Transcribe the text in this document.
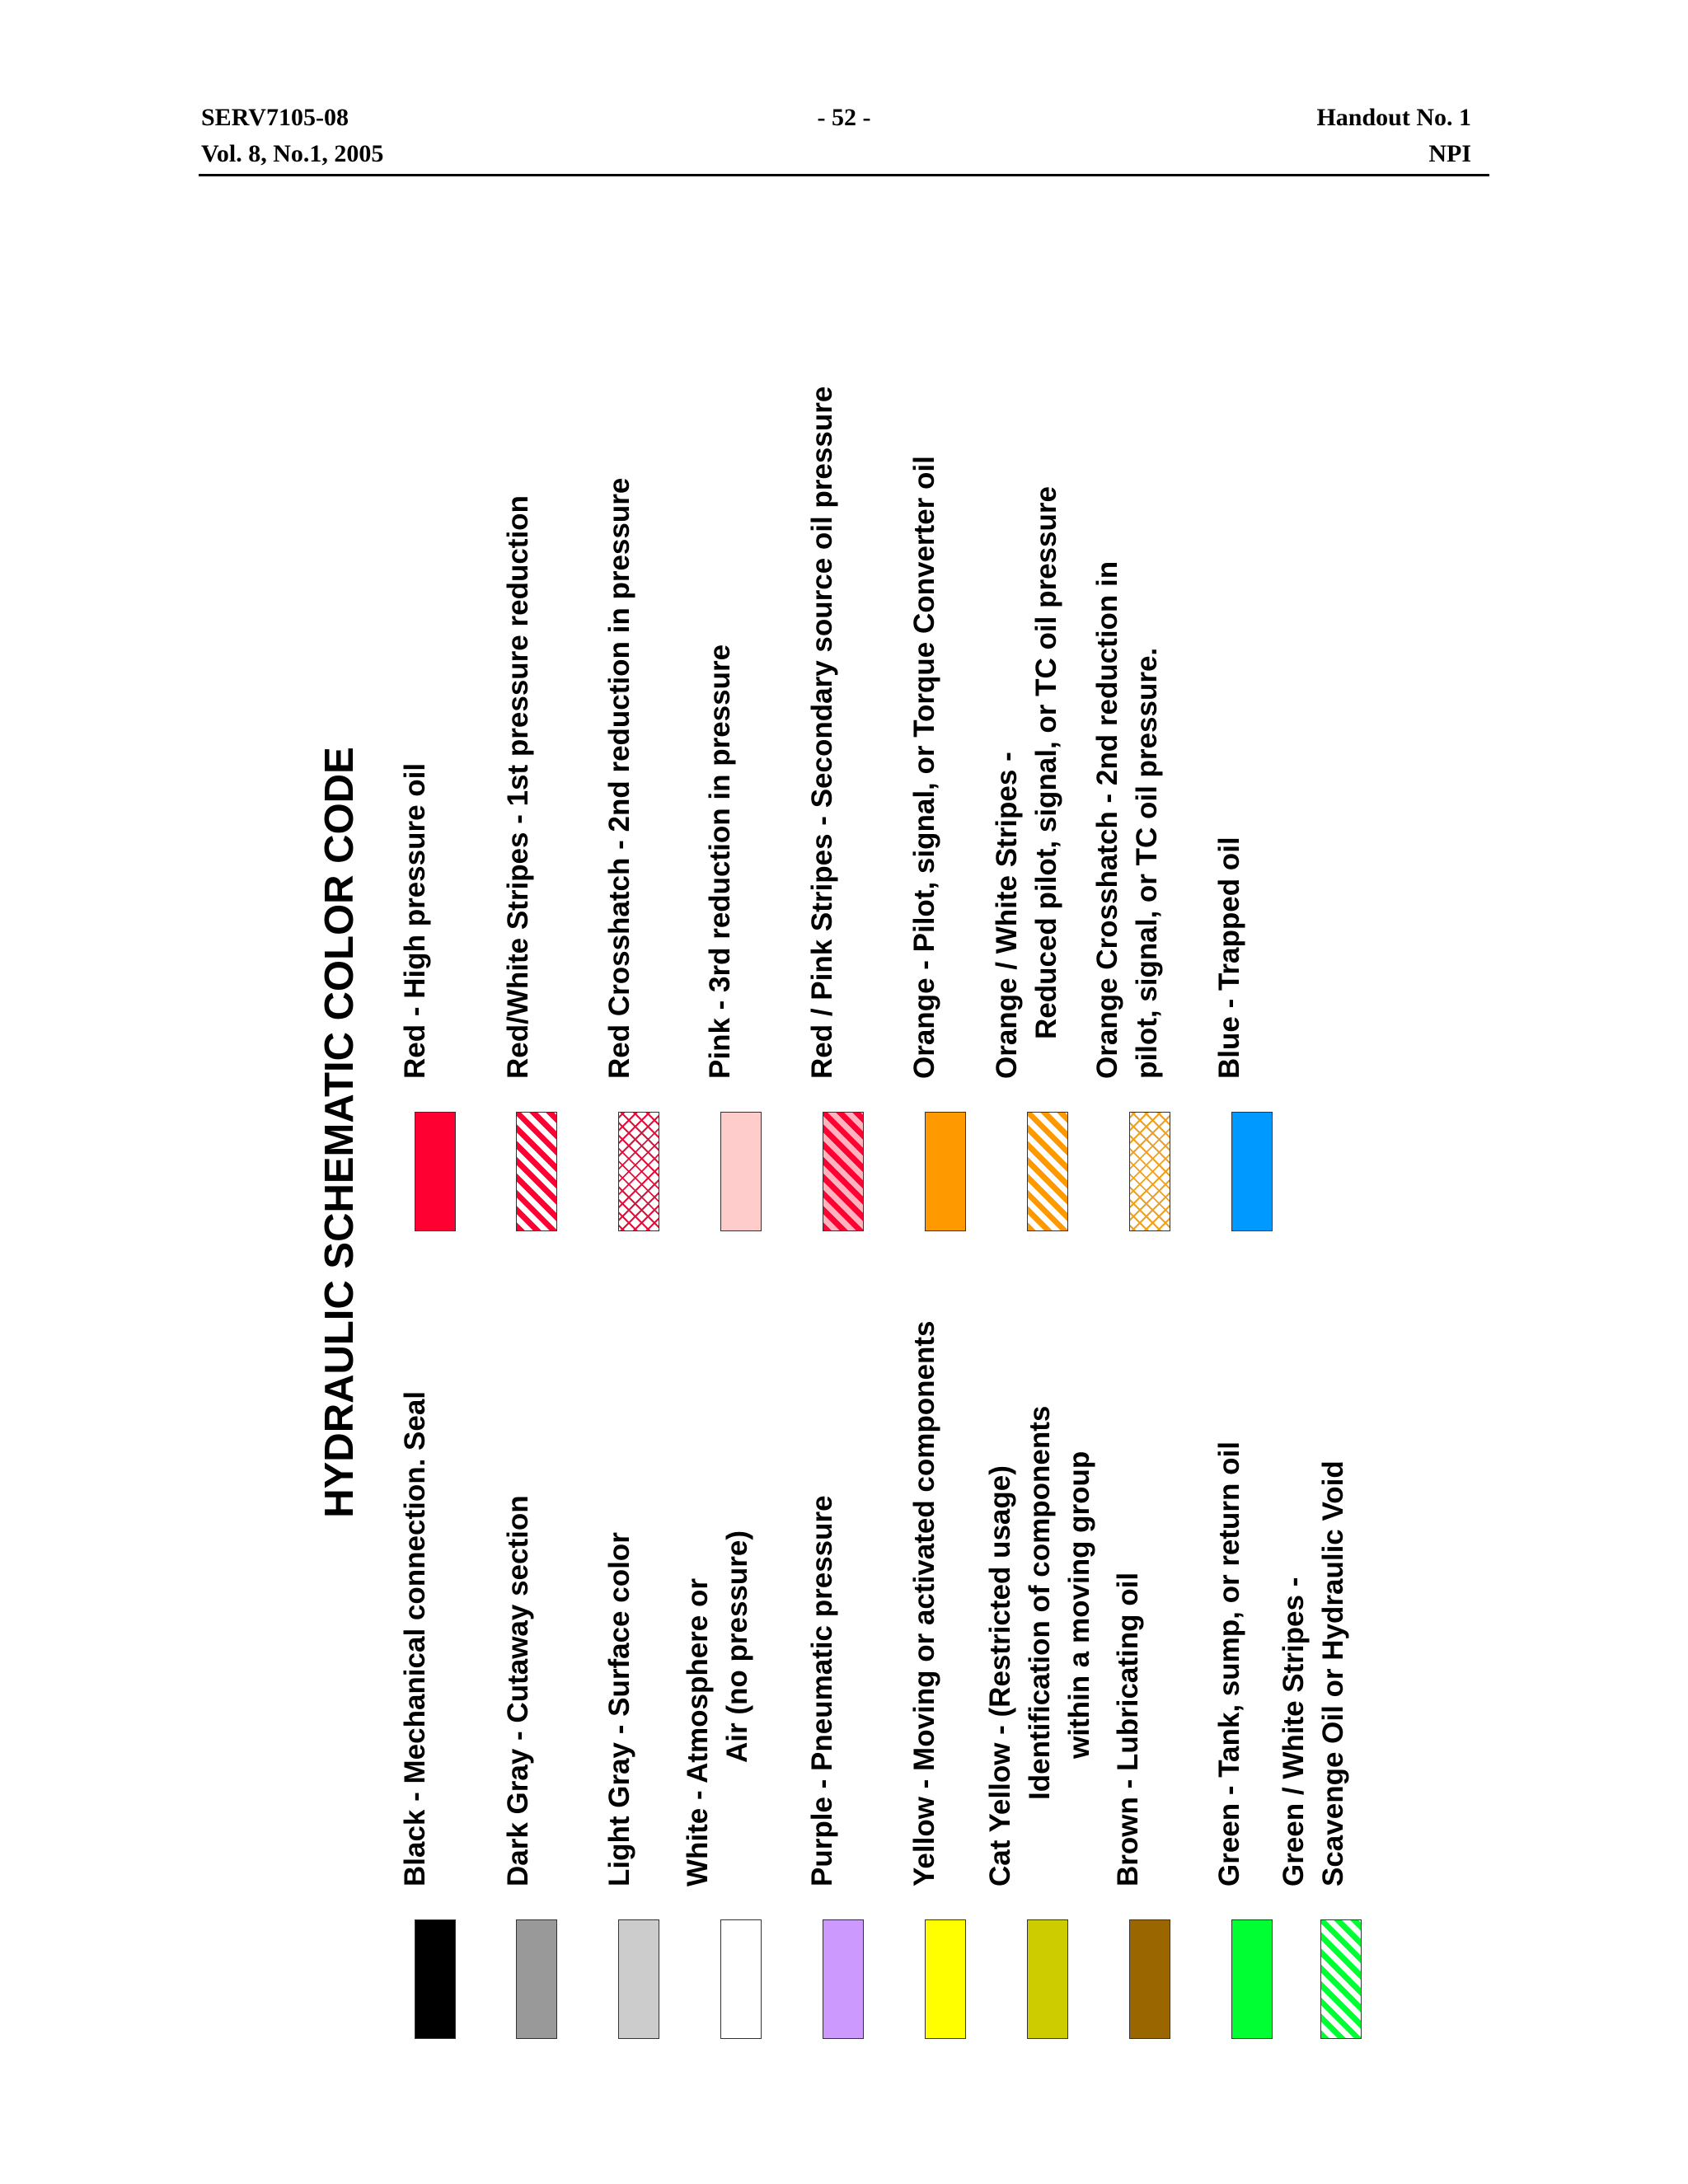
SERV7105-08
Vol. 8, No.1, 2005
- 52 -	Handout No. 1
NPI
HYDRAULIC SCHEMATIC COLOR CODE
Black - Mechanical connection. Seal Dark Gray - Cutaway section Light Gray - Surface color White - Atmosphere or Air (no pressure) Purple - Pneumatic pressure Yellow - Moving or activated components Cat Yellow - (Restricted usage) Identification of components within a moving group Brown - Lubricating oil Green - Tank, sump, or return oil Green / White Stripes - Scavenge Oil or Hydraulic Void
Red - High pressure oil Red/White Stripes - 1st pressure reduction Red Crosshatch - 2nd reduction in pressure Pink - 3rd reduction in pressure Red / Pink Stripes - Secondary source oil pressure Orange - Pilot, signal, or Torque Converter oil Orange / White Stripes - Reduced pilot, signal, or TC oil pressure Orange Crosshatch - 2nd reduction in pilot, signal, or TC oil pressure. Blue - Trapped oil
